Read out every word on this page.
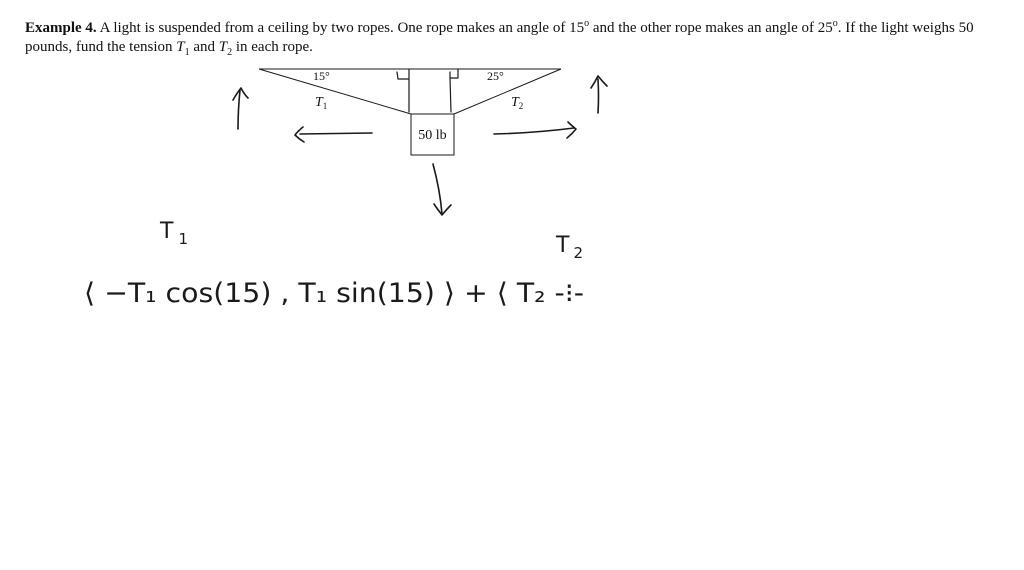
Example 4. A light is suspended from a ceiling by two ropes. One rope makes an angle of 15$^o$ and the other rope makes an angle of 25$^o$. If the light weighs 50 pounds, fund the tension $T_1$ and $T_2$ in each rope.

50 lb
15°	25°
$T_1$	$T_2$
T $_1$	T $_2$
⟨ −T₁ cos(15) , T₁ sin(15) ⟩ + ⟨ T₂ -⁝-
